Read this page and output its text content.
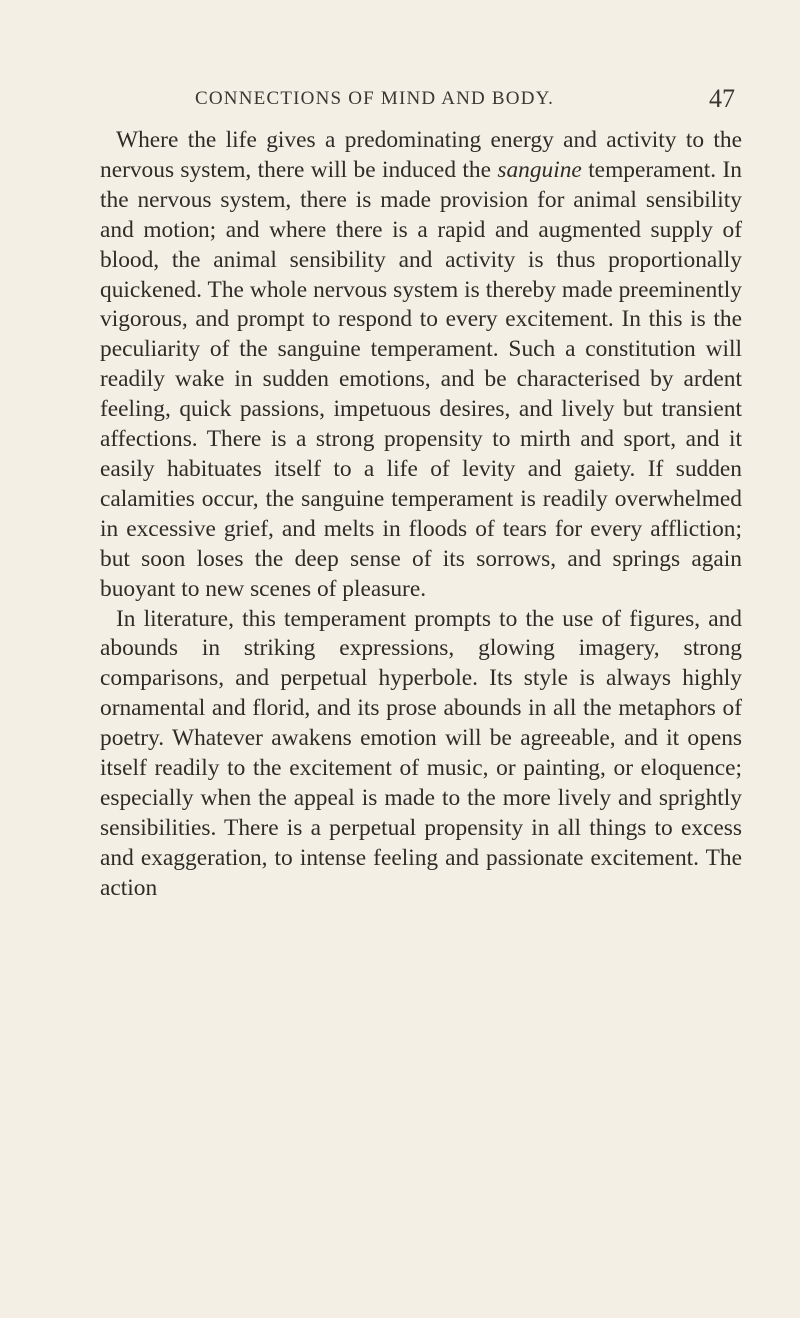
CONNECTIONS OF MIND AND BODY.	47

Where the life gives a predominating energy and activity to the nervous system, there will be induced the sanguine temperament. In the nervous system, there is made provision for animal sensibility and motion; and where there is a rapid and augmented supply of blood, the animal sensibility and activity is thus proportionally quickened. The whole nervous system is thereby made preeminently vigorous, and prompt to respond to every excitement. In this is the peculiarity of the sanguine temperament. Such a constitution will readily wake in sudden emotions, and be characterised by ardent feeling, quick passions, impetuous desires, and lively but transient affections. There is a strong propensity to mirth and sport, and it easily habituates itself to a life of levity and gaiety. If sudden calamities occur, the sanguine temperament is readily overwhelmed in excessive grief, and melts in floods of tears for every affliction; but soon loses the deep sense of its sorrows, and springs again buoyant to new scenes of pleasure.

In literature, this temperament prompts to the use of figures, and abounds in striking expressions, glowing imagery, strong comparisons, and perpetual hyperbole. Its style is always highly ornamental and florid, and its prose abounds in all the metaphors of poetry. Whatever awakens emotion will be agreeable, and it opens itself readily to the excitement of music, or painting, or eloquence; especially when the appeal is made to the more lively and sprightly sensibilities. There is a perpetual propensity in all things to excess and exaggeration, to intense feeling and passionate excitement. The action
